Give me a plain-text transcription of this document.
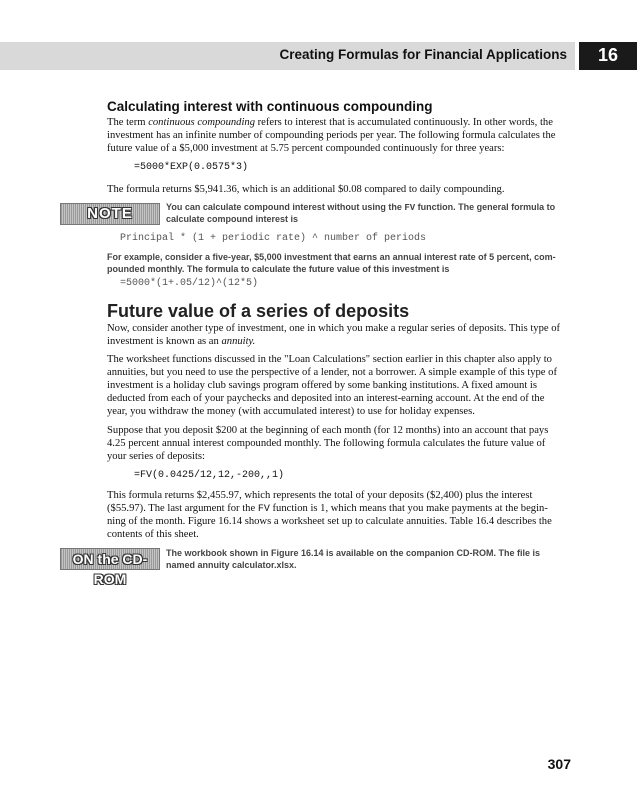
Creating Formulas for Financial Applications	16
Calculating interest with continuous compounding
The term continuous compounding refers to interest that is accumulated continuously. In other words, the
investment has an infinite number of compounding periods per year. The following formula calculates the
future value of a $5,000 investment at 5.75 percent compounded continuously for three years:
=5000*EXP(0.0575*3)
The formula returns $5,941.36, which is an additional $0.08 compared to daily compounding.
NOTE	You can calculate compound interest without using the FV function. The general formula to
calculate compound interest is
Principal * (1 + periodic rate) ^ number of periods
For example, consider a five-year, $5,000 investment that earns an annual interest rate of 5 percent, com-
pounded monthly. The formula to calculate the future value of this investment is
=5000*(1+.05/12)^(12*5)
Future value of a series of deposits
Now, consider another type of investment, one in which you make a regular series of deposits. This type of
investment is known as an annuity.
The worksheet functions discussed in the "Loan Calculations" section earlier in this chapter also apply to
annuities, but you need to use the perspective of a lender, not a borrower. A simple example of this type of
investment is a holiday club savings program offered by some banking institutions. A fixed amount is
deducted from each of your paychecks and deposited into an interest-earning account. At the end of the
year, you withdraw the money (with accumulated interest) to use for holiday expenses.
Suppose that you deposit $200 at the beginning of each month (for 12 months) into an account that pays
4.25 percent annual interest compounded monthly. The following formula calculates the future value of
your series of deposits:
=FV(0.0425/12,12,-200,,1)
This formula returns $2,455.97, which represents the total of your deposits ($2,400) plus the interest
($55.97). The last argument for the FV function is 1, which means that you make payments at the begin-
ning of the month. Figure 16.14 shows a worksheet set up to calculate annuities. Table 16.4 describes the
contents of this sheet.
ON the CD-ROM
The workbook shown in Figure 16.14 is available on the companion CD-ROM. The file is
named annuity calculator.xlsx.
307
